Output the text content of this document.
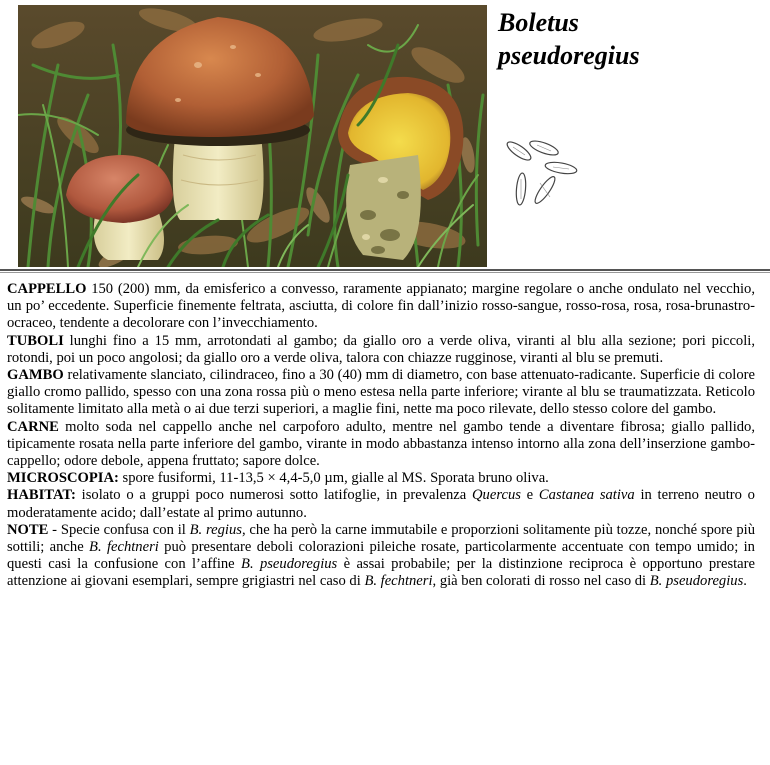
Boletus
pseudoregius

CAPPELLO 150 (200) mm, da emisferico a convesso, raramente appianato; margine regolare o anche ondulato nel vecchio, un po’ eccedente. Superficie finemente feltrata, asciutta, di colore fin dall’inizio rosso-sangue, rosso-rosa, rosa, rosa-brunastro-ocraceo, tendente a decolorare con l’invecchiamento.

TUBOLI lunghi fino a 15 mm, arrotondati al gambo; da giallo oro a verde oliva, viranti al blu alla sezione; pori piccoli, rotondi, poi un poco angolosi; da giallo oro a verde oliva, talora con chiazze rugginose, viranti al blu se premuti.

GAMBO relativamente slanciato, cilindraceo, fino a 30 (40) mm di diametro, con base attenuato-radicante. Superficie di colore giallo cromo pallido, spesso con una zona rossa più o meno estesa nella parte inferiore; virante al blu se traumatizzata. Reticolo solitamente limitato alla metà o ai due terzi superiori, a maglie fini, nette ma poco rilevate, dello stesso colore del gambo.

CARNE molto soda nel cappello anche nel carpoforo adulto, mentre nel gambo tende a diventare fibrosa; giallo pallido, tipicamente rosata nella parte inferiore del gambo, virante in modo abbastanza intenso intorno alla zona dell’inserzione gambo-cappello; odore debole, appena fruttato; sapore dolce.

MICROSCOPIA: spore fusiformi, 11-13,5 × 4,4-5,0 µm, gialle al MS. Sporata bruno oliva.

HABITAT: isolato o a gruppi poco numerosi sotto latifoglie, in prevalenza Quercus e Castanea sativa in terreno neutro o moderatamente acido; dall’estate al primo autunno.

NOTE - Specie confusa con il B. regius, che ha però la carne immutabile e proporzioni solitamente più tozze, nonché spore più sottili; anche B. fechtneri può presentare deboli colorazioni pileiche rosate, particolarmente accentuate con tempo umido; in questi casi la confusione con l’affine B. pseudoregius è assai probabile; per la distinzione reciproca è opportuno prestare attenzione ai giovani esemplari, sempre grigiastri nel caso di B. fechtneri, già ben colorati di rosso nel caso di B. pseudoregius.
